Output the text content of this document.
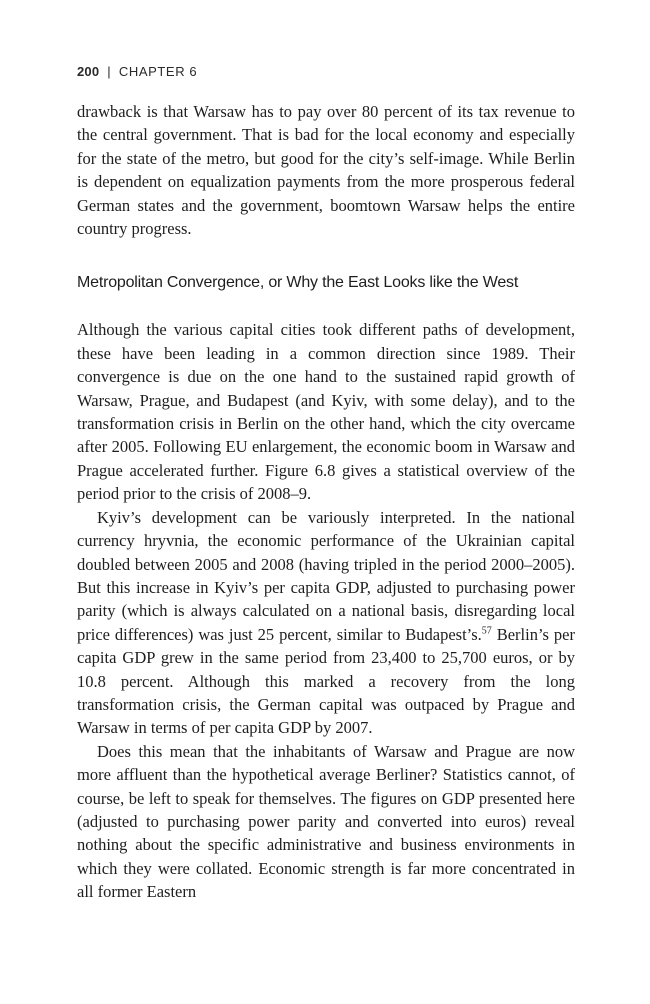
200 | CHAPTER 6

drawback is that Warsaw has to pay over 80 percent of its tax revenue to the central government. That is bad for the local economy and especially for the state of the metro, but good for the city’s self-image. While Berlin is dependent on equalization payments from the more prosperous federal German states and the government, boomtown Warsaw helps the entire country progress.

Metropolitan Convergence, or Why the East Looks like the West

Although the various capital cities took different paths of development, these have been leading in a common direction since 1989. Their convergence is due on the one hand to the sustained rapid growth of Warsaw, Prague, and Budapest (and Kyiv, with some delay), and to the transformation crisis in Berlin on the other hand, which the city overcame after 2005. Following EU enlargement, the economic boom in Warsaw and Prague accelerated further. Figure 6.8 gives a statistical overview of the period prior to the crisis of 2008–9.

Kyiv’s development can be variously interpreted. In the national currency hryvnia, the economic performance of the Ukrainian capital doubled between 2005 and 2008 (having tripled in the period 2000–2005). But this increase in Kyiv’s per capita GDP, adjusted to purchasing power parity (which is always calculated on a national basis, disregarding local price differences) was just 25 percent, similar to Budapest’s.$^{57}$ Berlin’s per capita GDP grew in the same period from 23,400 to 25,700 euros, or by 10.8 percent. Although this marked a recovery from the long transformation crisis, the German capital was outpaced by Prague and Warsaw in terms of per capita GDP by 2007.

Does this mean that the inhabitants of Warsaw and Prague are now more affluent than the hypothetical average Berliner? Statistics cannot, of course, be left to speak for themselves. The figures on GDP presented here (adjusted to purchasing power parity and converted into euros) reveal nothing about the specific administrative and business environments in which they were collated. Economic strength is far more concentrated in all former Eastern
